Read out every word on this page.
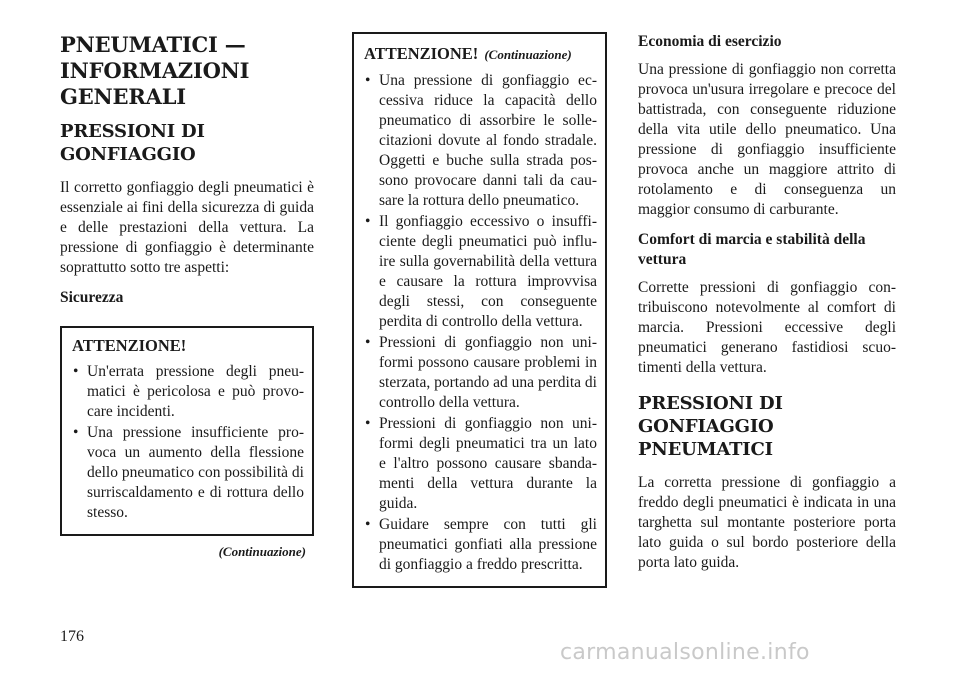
PNEUMATICI — INFORMAZIONI GENERALI
PRESSIONI DI GONFIAGGIO

Il corretto gonfiaggio degli pneumatici è essenziale ai fini della sicurezza di guida e delle prestazioni della vettura. La pressione di gonfiaggio è determinante soprattutto sotto tre aspetti:

Sicurezza

ATTENZIONE!
• Un'errata pressione degli pneumatici è pericolosa e può provocare incidenti.
• Una pressione insufficiente provoca un aumento della flessione dello pneumatico con possibilità di surriscaldamento e di rottura dello stesso.
(Continuazione)
ATTENZIONE! (Continuazione)
• Una pressione di gonfiaggio eccessiva riduce la capacità dello pneumatico di assorbire le sollecitazioni dovute al fondo stradale. Oggetti e buche sulla strada possono provocare danni tali da causare la rottura dello pneumatico.
• Il gonfiaggio eccessivo o insufficiente degli pneumatici può influire sulla governabilità della vettura e causare la rottura improvvisa degli stessi, con conseguente perdita di controllo della vettura.
• Pressioni di gonfiaggio non uniformi possono causare problemi in sterzata, portando ad una perdita di controllo della vettura.
• Pressioni di gonfiaggio non uniformi degli pneumatici tra un lato e l'altro possono causare sbandamenti della vettura durante la guida.
• Guidare sempre con tutti gli pneumatici gonfiati alla pressione di gonfiaggio a freddo prescritta.

Economia di esercizio

Una pressione di gonfiaggio non corretta provoca un'usura irregolare e precoce del battistrada, con conseguente riduzione della vita utile dello pneumatico. Una pressione di gonfiaggio insufficiente provoca anche un maggiore attrito di rotolamento e di conseguenza un maggior consumo di carburante.

Comfort di marcia e stabilità della vettura

Corrette pressioni di gonfiaggio contribuiscono notevolmente al comfort di marcia. Pressioni eccessive degli pneumatici generano fastidiosi scuotimenti della vettura.

PRESSIONI DI GONFIAGGIO PNEUMATICI

La corretta pressione di gonfiaggio a freddo degli pneumatici è indicata in una targhetta sul montante posteriore porta lato guida o sul bordo posteriore della porta lato guida.

176
carmanualsonline.info
